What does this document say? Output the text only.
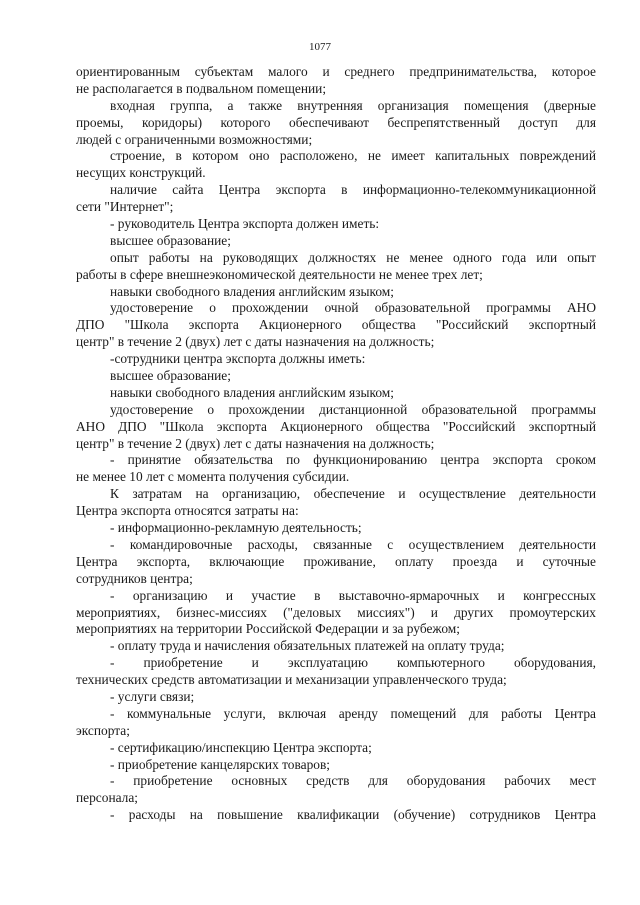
1077
ориентированным субъектам малого и среднего предпринимательства, которое
не располагается в подвальном помещении;
входная группа, а также внутренняя организация помещения (дверные
проемы, коридоры) которого обеспечивают беспрепятственный доступ для
людей с ограниченными возможностями;
строение, в котором оно расположено, не имеет капитальных повреждений
несущих конструкций.
наличие сайта Центра экспорта в информационно-телекоммуникационной
сети "Интернет";
- руководитель Центра экспорта должен иметь:
высшее образование;
опыт работы на руководящих должностях не менее одного года или опыт
работы в сфере внешнеэкономической деятельности не менее трех лет;
навыки свободного владения английским языком;
удостоверение о прохождении очной образовательной программы АНО
ДПО "Школа экспорта Акционерного общества "Российский экспортный
центр" в течение 2 (двух) лет с даты назначения на должность;
-сотрудники центра экспорта должны иметь:
высшее образование;
навыки свободного владения английским языком;
удостоверение о прохождении дистанционной образовательной программы
АНО ДПО "Школа экспорта Акционерного общества "Российский экспортный
центр" в течение 2 (двух) лет с даты назначения на должность;
- принятие обязательства по функционированию центра экспорта сроком
не менее 10 лет с момента получения субсидии.
К затратам на организацию, обеспечение и осуществление деятельности
Центра экспорта относятся затраты на:
- информационно-рекламную деятельность;
- командировочные расходы, связанные с осуществлением деятельности
Центра экспорта, включающие проживание, оплату проезда и суточные
сотрудников центра;
- организацию и участие в выставочно-ярмарочных и конгрессных
мероприятиях, бизнес-миссиях ("деловых миссиях") и других промоутерских
мероприятиях на территории Российской Федерации и за рубежом;
- оплату труда и начисления обязательных платежей на оплату труда;
- приобретение и эксплуатацию компьютерного оборудования,
технических средств автоматизации и механизации управленческого труда;
- услуги связи;
- коммунальные услуги, включая аренду помещений для работы Центра
экспорта;
- сертификацию/инспекцию Центра экспорта;
- приобретение канцелярских товаров;
- приобретение основных средств для оборудования рабочих мест
персонала;
- расходы на повышение квалификации (обучение) сотрудников Центра
